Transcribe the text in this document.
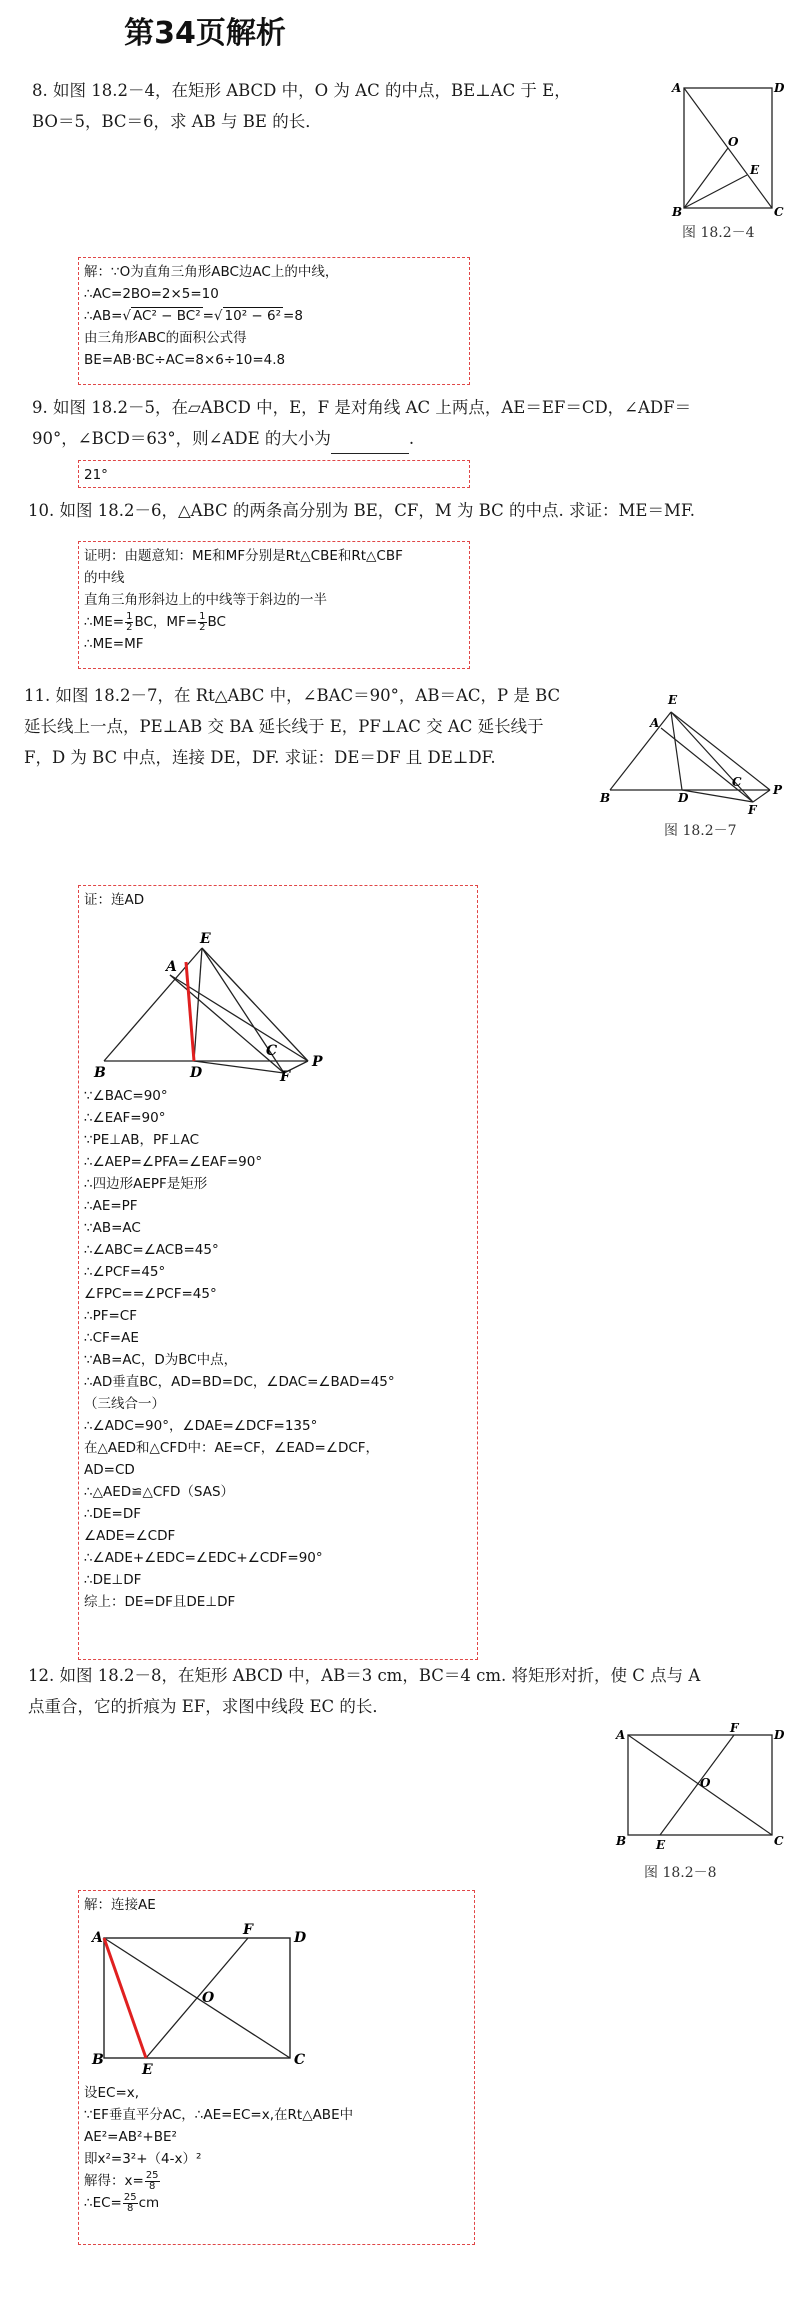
第34页解析
8. 如图 18.2－4，在矩形 ABCD 中，O 为 AC 的中点，BE⊥AC 于 E，
BO＝5，BC＝6，求 AB 与 BE 的长．
A	D
O
E
B	C
图 18.2－4
解：∵O为直角三角形ABC边AC上的中线，
∴AC=2BO=2×5=10
∴AB=√ AC² − BC² =√ 10² − 6² =8
由三角形ABC的面积公式得
BE=AB·BC÷AC=8×6÷10=4.8
9. 如图 18.2－5，在▱ABCD 中，E，F 是对角线 AC 上两点，AE＝EF＝CD，∠ADF＝
90°，∠BCD＝63°，则∠ADE 的大小为	.
21°
10. 如图 18.2－6，△ABC 的两条高分别为 BE，CF，M 为 BC 的中点. 求证：ME＝MF.
证明：由题意知：ME和MF分别是Rt△CBE和Rt△CBF
的中线
直角三角形斜边上的中线等于斜边的一半
∴ME= $\frac{1}{2}$ BC，$MF= \frac{1}{2}$ BC
∴ME=MF
11. 如图 18.2－7，在 Rt△ABC 中，∠BAC＝90°，AB＝AC，P 是 BC
延长线上一点，PE⊥AB 交 BA 延长线于 E，PF⊥AC 交 AC 延长线于
F，D 为 BC 中点，连接 DE，DF. 求证：DE＝DF 且 DE⊥DF.
E
A
C
P
B	D
F
图 18.2－7
证：连AD
E
A
C
P
B	D	F
∵∠BAC=90°
∴∠EAF=90°
∵PE⊥AB，PF⊥AC
∴∠AEP=∠PFA=∠EAF=90°
∴四边形AEPF是矩形
∴AE=PF
∵AB=AC
∴∠ABC=∠ACB=45°
∴∠PCF=45°
∠FPC==∠PCF=45°
∴PF=CF
∴CF=AE
∵AB=AC，D为BC中点，
∴AD垂直BC，AD=BD=DC，∠DAC=∠BAD=45°
（三线合一）
∴∠ADC=90°，∠DAE=∠DCF=135°
在△AED和△CFD中：AE=CF，∠EAD=∠DCF，
AD=CD
∴△AED≌△CFD（SAS）
∴DE=DF
∠ADE=∠CDF
∴∠ADE+∠EDC=∠EDC+∠CDF=90°
∴DE⊥DF
综上：DE=DF且DE⊥DF
12. 如图 18.2－8，在矩形 ABCD 中，AB＝3 cm，BC＝4 cm. 将矩形对折，使 C 点与 A
点重合，它的折痕为 EF，求图中线段 EC 的长．
A	F	D
O
B E	C
图 18.2－8
解：连接AE
A	F	D
O
B
E
C
设EC=x,
∵EF垂直平分AC，∴AE=EC=x,在Rt△ABE中
AE²=AB²+BE²
即x²=3²+（4-x）²
解得：$x= \frac{25}{8}$
∴EC= $\frac{25}{8}$ cm
